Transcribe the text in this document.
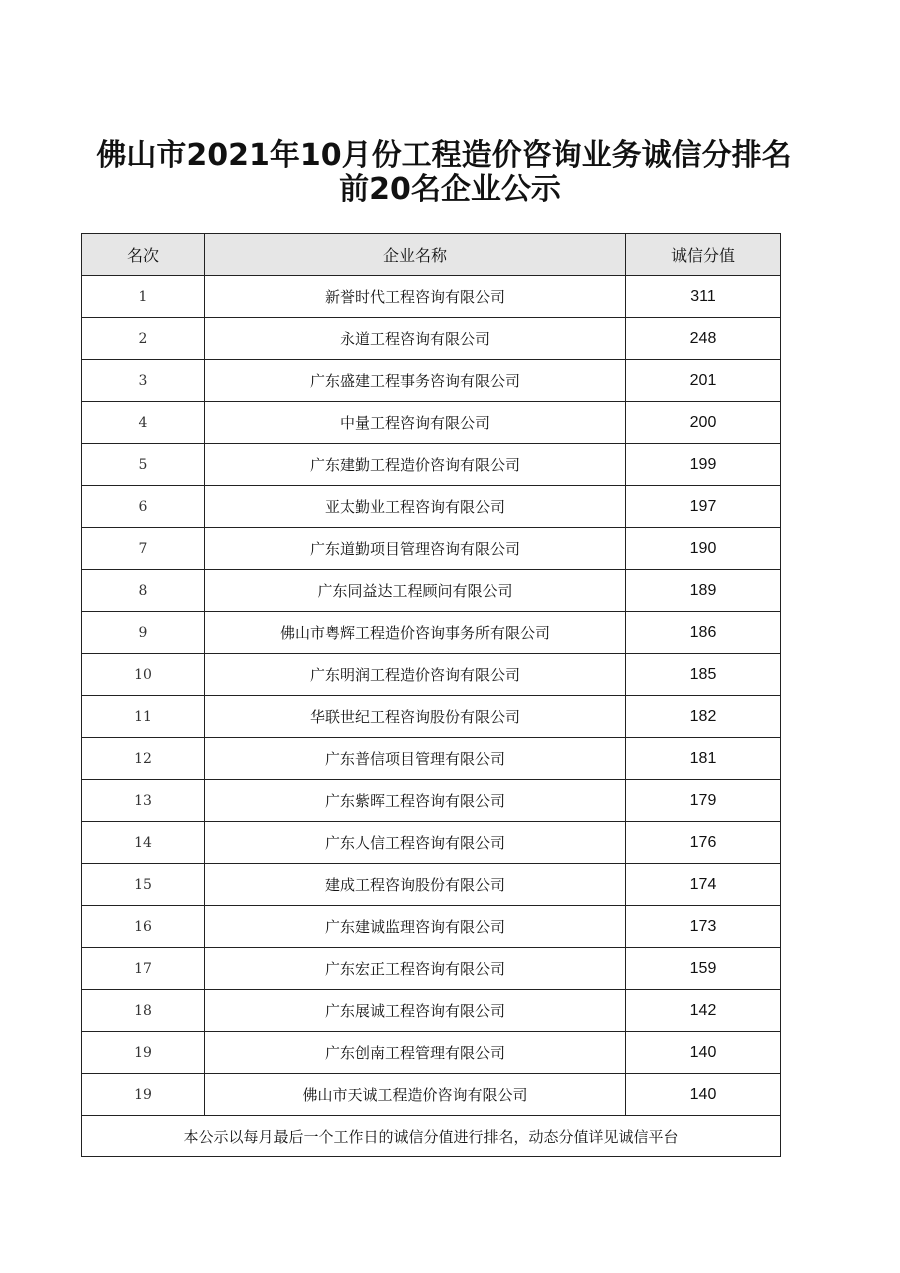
佛山市2021年10月份工程造价咨询业务诚信分排名
前20名企业公示
名次	企业名称	诚信分值
1	新誉时代工程咨询有限公司	311
2	永道工程咨询有限公司	248
3	广东盛建工程事务咨询有限公司	201
4	中量工程咨询有限公司	200
5	广东建勤工程造价咨询有限公司	199
6	亚太勤业工程咨询有限公司	197
7	广东道勤项目管理咨询有限公司	190
8	广东同益达工程顾问有限公司	189
9	佛山市粤辉工程造价咨询事务所有限公司	186
10	广东明润工程造价咨询有限公司	185
11	华联世纪工程咨询股份有限公司	182
12	广东普信项目管理有限公司	181
13	广东紫晖工程咨询有限公司	179
14	广东人信工程咨询有限公司	176
15	建成工程咨询股份有限公司	174
16	广东建诚监理咨询有限公司	173
17	广东宏正工程咨询有限公司	159
18	广东展诚工程咨询有限公司	142
19	广东创南工程管理有限公司	140
19	佛山市天诚工程造价咨询有限公司	140
本公示以每月最后一个工作日的诚信分值进行排名，动态分值详见诚信平台		
